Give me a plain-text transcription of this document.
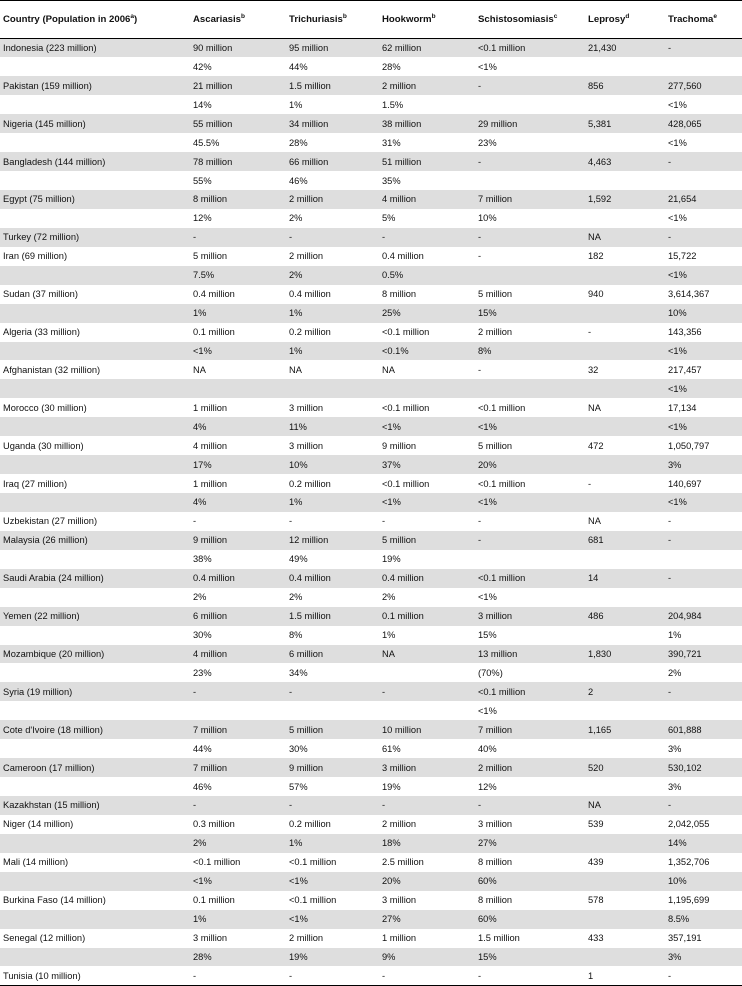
Country (Population in 2006$^a$)	Ascariasis$^b$	Trichuriasis$^b$	Hookworm$^b$	Schistosomiasis$^c$	Leprosy$^d$	Trachoma$^e$
Indonesia (223 million)	90 million	95 million	62 million	<0.1 million	21,430	-
	42%	44%	28%	<1%		
Pakistan (159 million)	21 million	1.5 million	2 million	-	856	277,560
	14%	1%	1.5%			<1%
Nigeria (145 million)	55 million	34 million	38 million	29 million	5,381	428,065
	45.5%	28%	31%	23%		<1%
Bangladesh (144 million)	78 million	66 million	51 million	-	4,463	-
	55%	46%	35%			
Egypt (75 million)	8 million	2 million	4 million	7 million	1,592	21,654
	12%	2%	5%	10%		<1%
Turkey (72 million)	-	-	-	-	NA	-
Iran (69 million)	5 million	2 million	0.4 million	-	182	15,722
	7.5%	2%	0.5%			<1%
Sudan (37 million)	0.4 million	0.4 million	8 million	5 million	940	3,614,367
	1%	1%	25%	15%		10%
Algeria (33 million)	0.1 million	0.2 million	<0.1 million	2 million	-	143,356
	<1%	1%	<0.1%	8%		<1%
Afghanistan (32 million)	NA	NA	NA	-	32	217,457
						<1%
Morocco (30 million)	1 million	3 million	<0.1 million	<0.1 million	NA	17,134
	4%	11%	<1%	<1%		<1%
Uganda (30 million)	4 million	3 million	9 million	5 million	472	1,050,797
	17%	10%	37%	20%		3%
Iraq (27 million)	1 million	0.2 million	<0.1 million	<0.1 million	-	140,697
	4%	1%	<1%	<1%		<1%
Uzbekistan (27 million)	-	-	-	-	NA	-
Malaysia (26 million)	9 million	12 million	5 million	-	681	-
	38%	49%	19%			
Saudi Arabia (24 million)	0.4 million	0.4 million	0.4 million	<0.1 million	14	-
	2%	2%	2%	<1%		
Yemen (22 million)	6 million	1.5 million	0.1 million	3 million	486	204,984
	30%	8%	1%	15%		1%
Mozambique (20 million)	4 million	6 million	NA	13 million	1,830	390,721
	23%	34%		(70%)		2%
Syria (19 million)	-	-	-	<0.1 million	2	-
				<1%		
Cote d'Ivoire (18 million)	7 million	5 million	10 million	7 million	1,165	601,888
	44%	30%	61%	40%		3%
Cameroon (17 million)	7 million	9 million	3 million	2 million	520	530,102
	46%	57%	19%	12%		3%
Kazakhstan (15 million)	-	-	-	-	NA	-
Niger (14 million)	0.3 million	0.2 million	2 million	3 million	539	2,042,055
	2%	1%	18%	27%		14%
Mali (14 million)	<0.1 million	<0.1 million	2.5 million	8 million	439	1,352,706
	<1%	<1%	20%	60%		10%
Burkina Faso (14 million)	0.1 million	<0.1 million	3 million	8 million	578	1,195,699
	1%	<1%	27%	60%		8.5%
Senegal (12 million)	3 million	2 million	1 million	1.5 million	433	357,191
	28%	19%	9%	15%		3%
Tunisia (10 million)	-	-	-	-	1	-
